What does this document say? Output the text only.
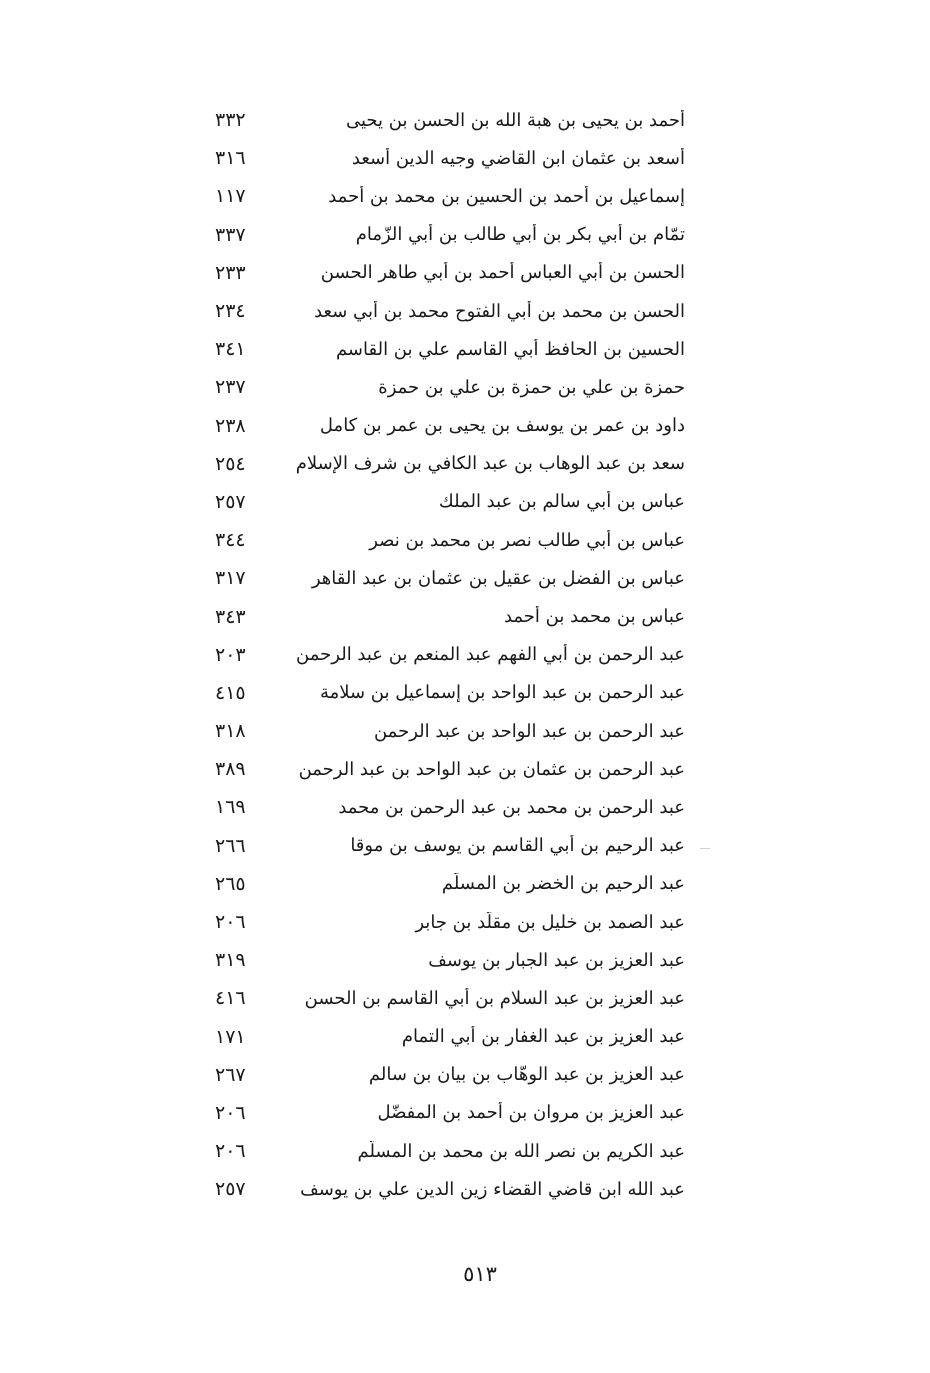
٣٣٢	أحمد بن يحيى بن هبة الله بن الحسن بن يحيى
٣١٦	أسعد بن عثمان ابن القاضي وجيه الدين أسعد
١١٧	إسماعيل بن أحمد بن الحسين بن محمد بن أحمد
٣٣٧	تمّام بن أبي بكر بن أبي طالب بن أبي الزّمام
٢٣٣	الحسن بن أبي العباس أحمد بن أبي طاهر الحسن
٢٣٤	الحسن بن محمد بن أبي الفتوح محمد بن أبي سعد
٣٤١	الحسين بن الحافظ أبي القاسم علي بن القاسم
٢٣٧	حمزة بن علي بن حمزة بن علي بن حمزة
٢٣٨	داود بن عمر بن يوسف بن يحيى بن عمر بن كامل
٢٥٤	سعد بن عبد الوهاب بن عبد الكافي بن شرف الإسلام
٢٥٧	عباس بن أبي سالم بن عبد الملك
٣٤٤	عباس بن أبي طالب نصر بن محمد بن نصر
٣١٧	عباس بن الفضل بن عقيل بن عثمان بن عبد القاهر
٣٤٣	عباس بن محمد بن أحمد
٢٠٣	عبد الرحمن بن أبي الفهم عبد المنعم بن عبد الرحمن
٤١٥	عبد الرحمن بن عبد الواحد بن إسماعيل بن سلامة
٣١٨	عبد الرحمن بن عبد الواحد بن عبد الرحمن
٣٨٩	عبد الرحمن بن عثمان بن عبد الواحد بن عبد الرحمن
١٦٩	عبد الرحمن بن محمد بن عبد الرحمن بن محمد
٢٦٦	عبد الرحيم بن أبي القاسم بن يوسف بن موقا
٢٦٥	عبد الرحيم بن الخضر بن المسلّم
٢٠٦	عبد الصمد بن خليل بن مقلّد بن جابر
٣١٩	عبد العزيز بن عبد الجبار بن يوسف
٤١٦	عبد العزيز بن عبد السلام بن أبي القاسم بن الحسن
١٧١	عبد العزيز بن عبد الغفار بن أبي التمام
٢٦٧	عبد العزيز بن عبد الوهّاب بن بيان بن سالم
٢٠٦	عبد العزيز بن مروان بن أحمد بن المفضّل
٢٠٦	عبد الكريم بن نصر الله بن محمد بن المسلّم
٢٥٧	عبد الله ابن قاضي القضاء زين الدين علي بن يوسف
٥١٣
